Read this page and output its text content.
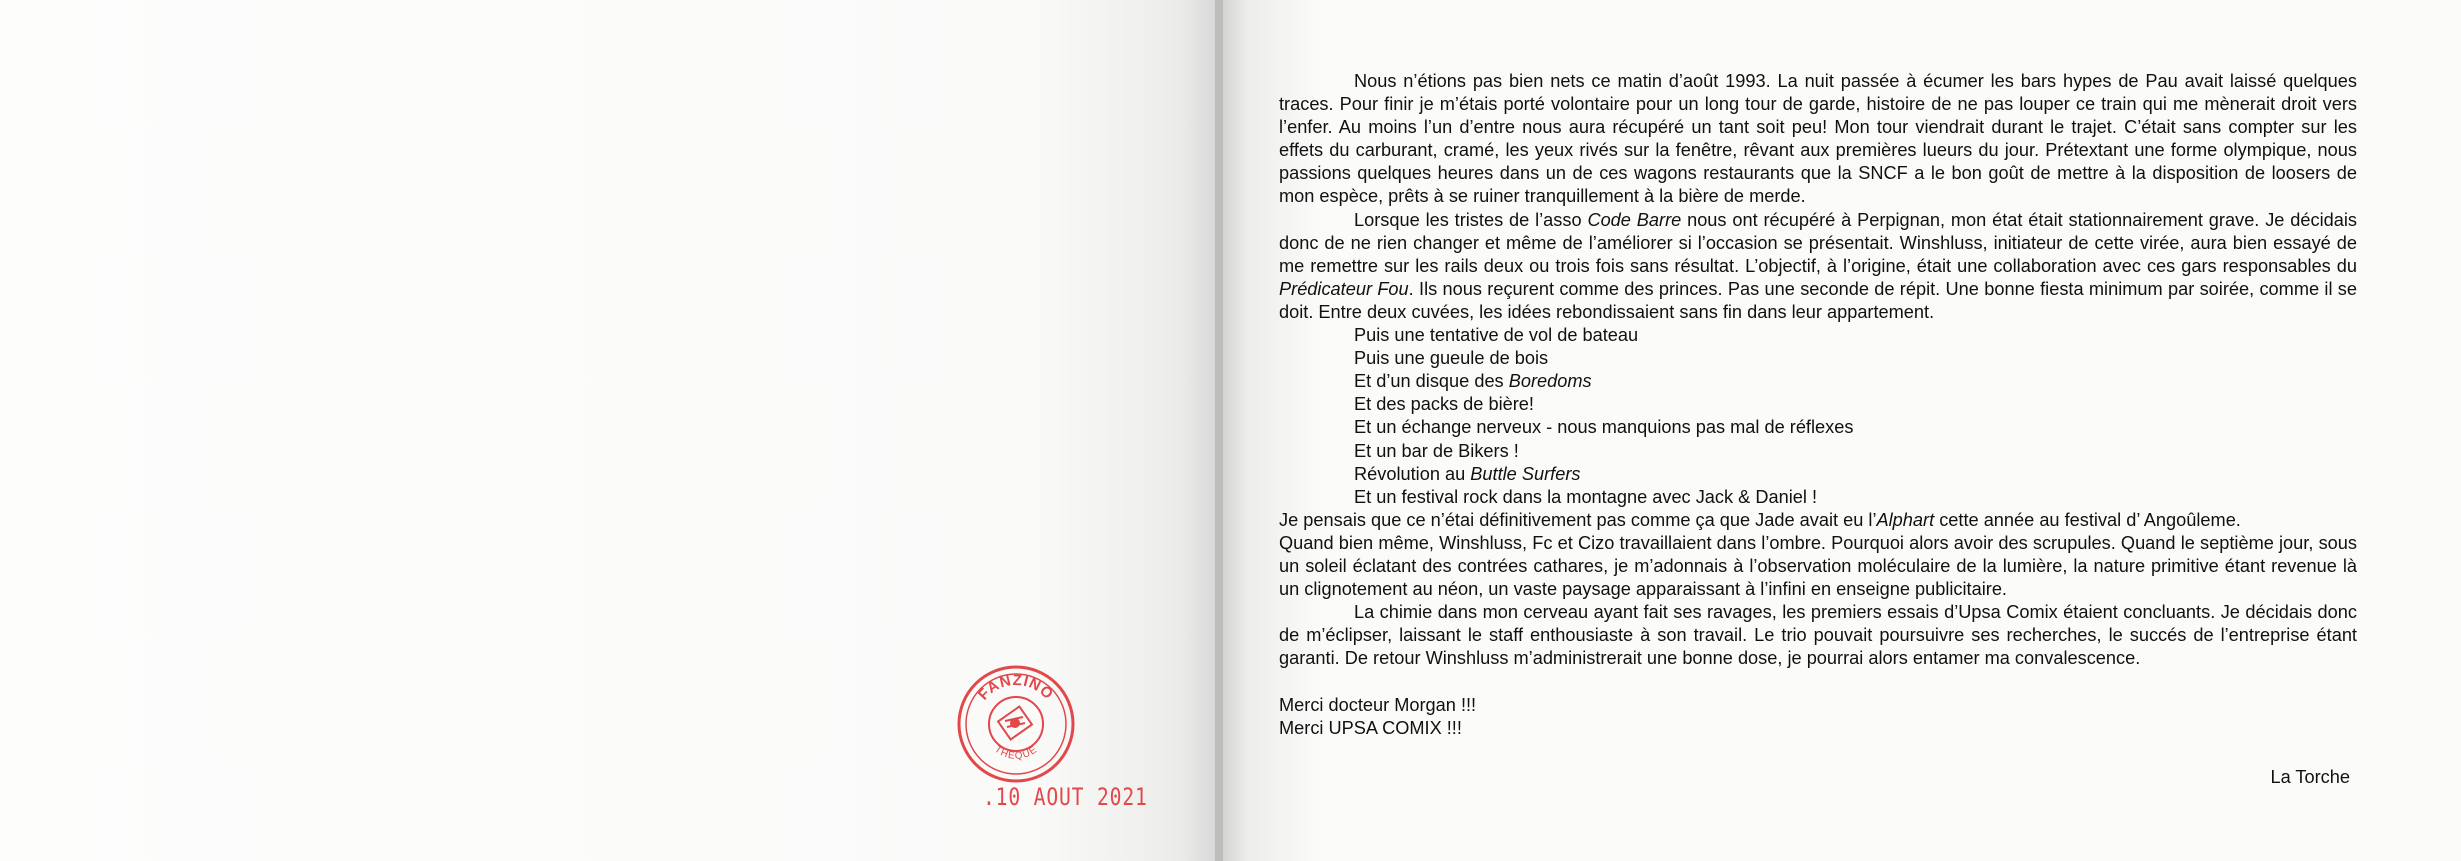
FANZINO
THÈQUE
.10 AOUT 2021

Nous n’étions pas bien nets ce matin d’août 1993. La nuit passée à écumer les bars hypes de Pau avait laissé quelques traces. Pour finir je m’étais porté volontaire pour un long tour de garde, histoire de ne pas louper ce train qui me mènerait droit vers l’enfer. Au moins l’un d’entre nous aura récupéré un tant soit peu! Mon tour viendrait durant le trajet. C’était sans compter sur les effets du carburant, cramé, les yeux rivés sur la fenêtre, rêvant aux premières lueurs du jour. Prétextant une forme olympique, nous passions quelques heures dans un de ces wagons restaurants que la SNCF a le bon goût de mettre à la disposition de loosers de mon espèce, prêts à se ruiner tranquillement à la bière de merde.

Lorsque les tristes de l’asso Code Barre nous ont récupéré à Perpignan, mon état était stationnairement grave. Je décidais donc de ne rien changer et même de l’améliorer si l’occasion se présentait. Winshluss, initiateur de cette virée, aura bien essayé de me remettre sur les rails deux ou trois fois sans résultat. L’objectif, à l’origine, était une collaboration avec ces gars responsables du Prédicateur Fou. Ils nous reçurent comme des princes. Pas une seconde de répit. Une bonne fiesta minimum par soirée, comme il se doit. Entre deux cuvées, les idées rebondissaient sans fin dans leur appartement.

Puis une tentative de vol de bateau

Puis une gueule de bois

Et d’un disque des Boredoms

Et des packs de bière!

Et un échange nerveux - nous manquions pas mal de réflexes

Et un bar de Bikers !

Révolution au Buttle Surfers

Et un festival rock dans la montagne avec Jack & Daniel !

Je pensais que ce n’étai définitivement pas comme ça que Jade avait eu l’Alphart cette année au festival d’ Angoûleme.

Quand bien même, Winshluss, Fc et Cizo travaillaient dans l’ombre. Pourquoi alors avoir des scrupules. Quand le septième jour, sous un soleil éclatant des contrées cathares, je m’adonnais à l’observation moléculaire de la lumière, la nature primitive étant revenue là un clignotement au néon, un vaste paysage apparaissant à l’infini en enseigne publicitaire.

La chimie dans mon cerveau ayant fait ses ravages, les premiers essais d’Upsa Comix étaient concluants. Je décidais donc de m’éclipser, laissant le staff enthousiaste à son travail. Le trio pouvait poursuivre ses recherches, le succés de l’entreprise étant garanti. De retour Winshluss m’administrerait une bonne dose, je pourrai alors entamer ma convalescence.

Merci docteur Morgan !!!

Merci UPSA COMIX !!!

La Torche
